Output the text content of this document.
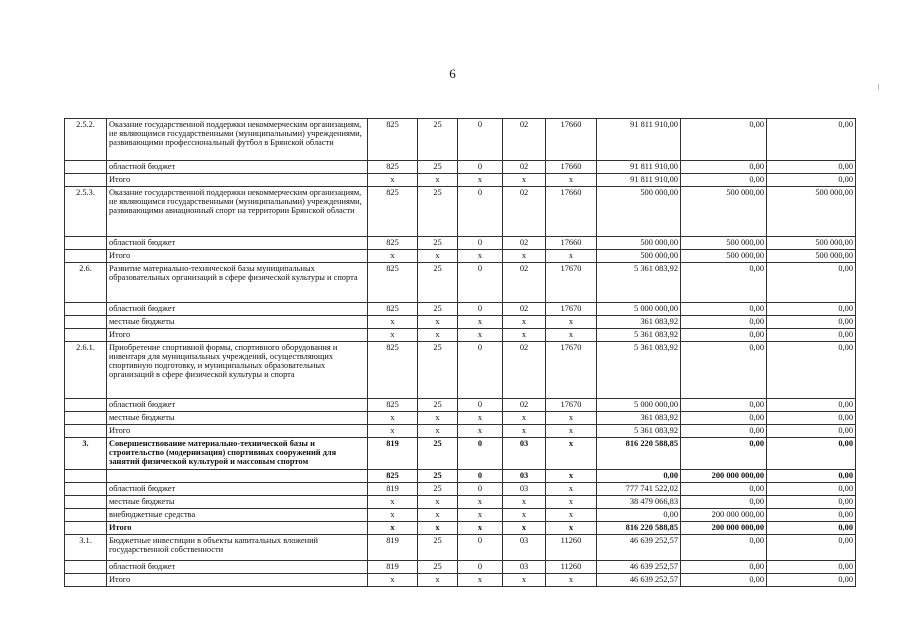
6
2.5.2.	Оказание государственной поддержки некоммерческим организациям, не являющимся государственными (муниципальными) учреждениями, развивающими профессиональный футбол в Брянской области	825	25	0	02	17660	91 811 910,00	0,00	0,00
	областной бюджет	825	25	0	02	17660	91 811 910,00	0,00	0,00
	Итого	х	х	х	х	х	91 811 910,00	0,00	0,00
2.5.3.	Оказание государственной поддержки некоммерческим организациям, не являющимся государственными (муниципальными) учреждениями, развивающими авиационный спорт на территории Брянской области	825	25	0	02	17660	500 000,00	500 000,00	500 000,00
	областной бюджет	825	25	0	02	17660	500 000,00	500 000,00	500 000,00
	Итого	х	х	х	х	х	500 000,00	500 000,00	500 000,00
2.6.	Развитие материально-технической базы муниципальных образовательных организаций в сфере физической культуры и спорта	825	25	0	02	17670	5 361 083,92	0,00	0,00
	областной бюджет	825	25	0	02	17670	5 000 000,00	0,00	0,00
	местные бюджеты	х	х	х	х	х	361 083,92	0,00	0,00
	Итого	х	х	х	х	х	5 361 083,92	0,00	0,00
2.6.1.	Приобретение спортивной формы, спортивного оборудования и инвентаря для муниципальных учреждений, осуществляющих спортивную подготовку, и муниципальных образовательных организаций в сфере физической культуры и спорта	825	25	0	02	17670	5 361 083,92	0,00	0,00
	областной бюджет	825	25	0	02	17670	5 000 000,00	0,00	0,00
	местные бюджеты	х	х	х	х	х	361 083,92	0,00	0,00
	Итого	х	х	х	х	х	5 361 083,92	0,00	0,00
3.	Совершенствование материально-технической базы и строительство (модернизация) спортивных сооружений для занятий физической культурой и массовым спортом	819	25	0	03	х	816 220 588,85	0,00	0,00
		825	25	0	03	х	0,00	200 000 000,00	0,00
	областной бюджет	819	25	0	03	х	777 741 522,02	0,00	0,00
	местные бюджеты	х	х	х	х	х	38 479 066,83	0,00	0,00
	внебюджетные средства	х	х	х	х	х	0,00	200 000 000,00	0,00
	Итого	х	х	х	х	х	816 220 588,85	200 000 000,00	0,00
3.1.	Бюджетные инвестиции в объекты капитальных вложений государственной собственности	819	25	0	03	11260	46 639 252,57	0,00	0,00
	областной бюджет	819	25	0	03	11260	46 639 252,57	0,00	0,00
	Итого	х	х	х	х	х	46 639 252,57	0,00	0,00
